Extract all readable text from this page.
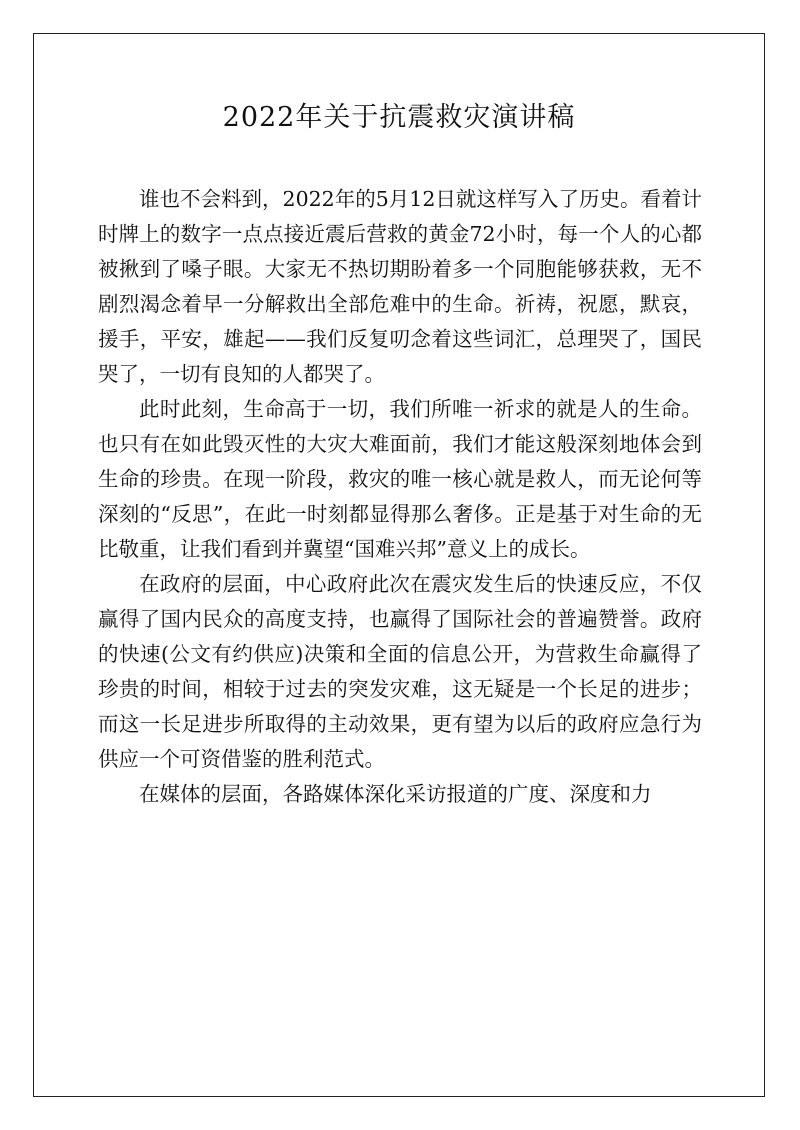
2022年关于抗震救灾演讲稿

谁也不会料到，2022年的5月12日就这样写入了历史。看着计时牌上的数字一点点接近震后营救的黄金72小时，每一个人的心都被揪到了嗓子眼。大家无不热切期盼着多一个同胞能够获救，无不剧烈渴念着早一分解救出全部危难中的生命。祈祷，祝愿，默哀，援手，平安，雄起——我们反复叨念着这些词汇，总理哭了，国民哭了，一切有良知的人都哭了。

此时此刻，生命高于一切，我们所唯一祈求的就是人的生命。也只有在如此毁灭性的大灾大难面前，我们才能这般深刻地体会到生命的珍贵。在现一阶段，救灾的唯一核心就是救人，而无论何等深刻的“反思”，在此一时刻都显得那么奢侈。正是基于对生命的无比敬重，让我们看到并冀望“国难兴邦”意义上的成长。

在政府的层面，中心政府此次在震灾发生后的快速反应，不仅赢得了国内民众的高度支持，也赢得了国际社会的普遍赞誉。政府的快速(公文有约供应)决策和全面的信息公开，为营救生命赢得了珍贵的时间，相较于过去的突发灾难，这无疑是一个长足的进步；而这一长足进步所取得的主动效果，更有望为以后的政府应急行为供应一个可资借鉴的胜利范式。

在媒体的层面，各路媒体深化采访报道的广度、深度和力
